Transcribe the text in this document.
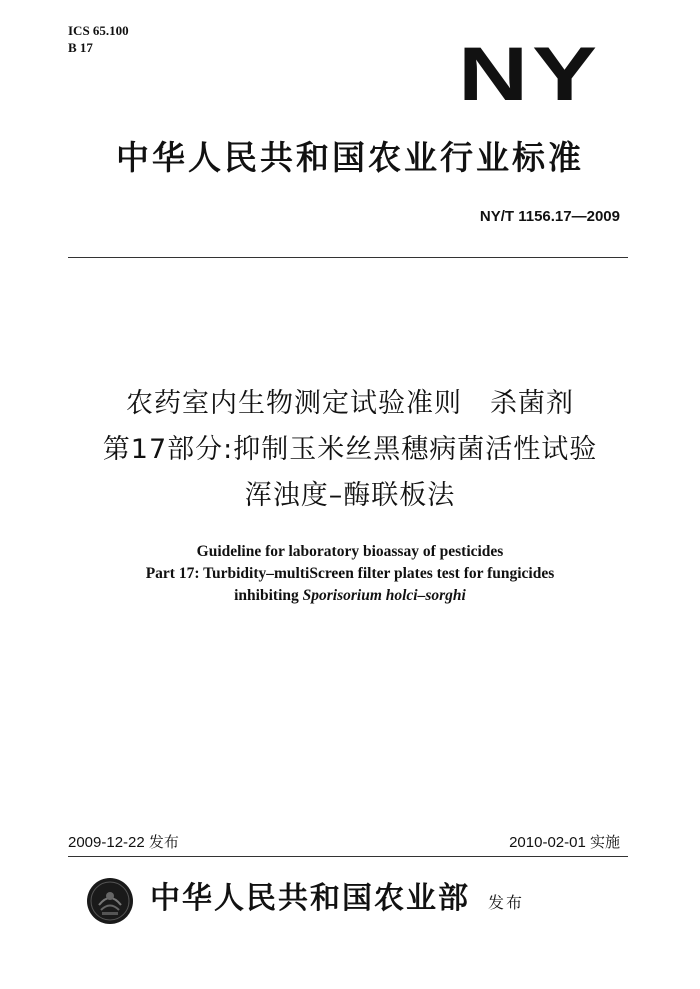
ICS 65.100
B 17	NY
中华人民共和国农业行业标准
NY/T 1156.17—2009
农药室内生物测定试验准则　杀菌剂
第17部分:抑制玉米丝黑穗病菌活性试验
浑浊度–酶联板法
Guideline for laboratory bioassay of pesticides
Part 17: Turbidity–multiScreen filter plates test for fungicides
inhibiting Sporisorium holci–sorghi
2009-12-22 发布	2010-02-01 实施
中华人民共和国农业部 发布
